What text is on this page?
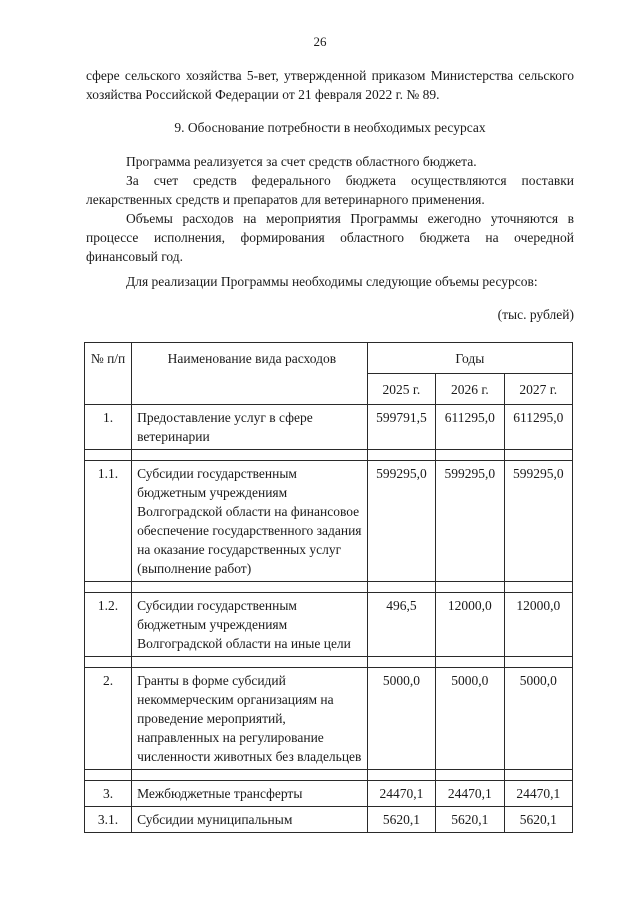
26
сфере сельского хозяйства 5-вет, утвержденной приказом Министерства сельского хозяйства Российской Федерации от 21 февраля 2022 г. № 89.
9. Обоснование потребности в необходимых ресурсах

Программа реализуется за счет средств областного бюджета.

За счет средств федерального бюджета осуществляются поставки лекарственных средств и препаратов для ветеринарного применения.

Объемы расходов на мероприятия Программы ежегодно уточняются в процессе исполнения, формирования областного бюджета на очередной финансовый год.

Для реализации Программы необходимы следующие объемы ресурсов:

(тыс. рублей)
№ п/п	Наименование вида расходов	Годы		
		2025 г.	2026 г.	2027 г.
1.	Предоставление услуг в сфере ветеринарии	599791,5	611295,0	611295,0

1.1.	Субсидии государственным бюджетным учреждениям Волгоградской области на финансовое обеспечение государственного задания на оказание государственных услуг (выполнение работ)	599295,0	599295,0	599295,0

1.2.	Субсидии государственным бюджетным учреждениям Волгоградской области на иные цели	496,5	12000,0	12000,0

2.	Гранты в форме субсидий некоммерческим организациям на проведение мероприятий, направленных на регулирование численности животных без владельцев	5000,0	5000,0	5000,0

3.	Межбюджетные трансферты	24470,1	24470,1	24470,1
3.1.	Субсидии муниципальным	5620,1	5620,1	5620,1
